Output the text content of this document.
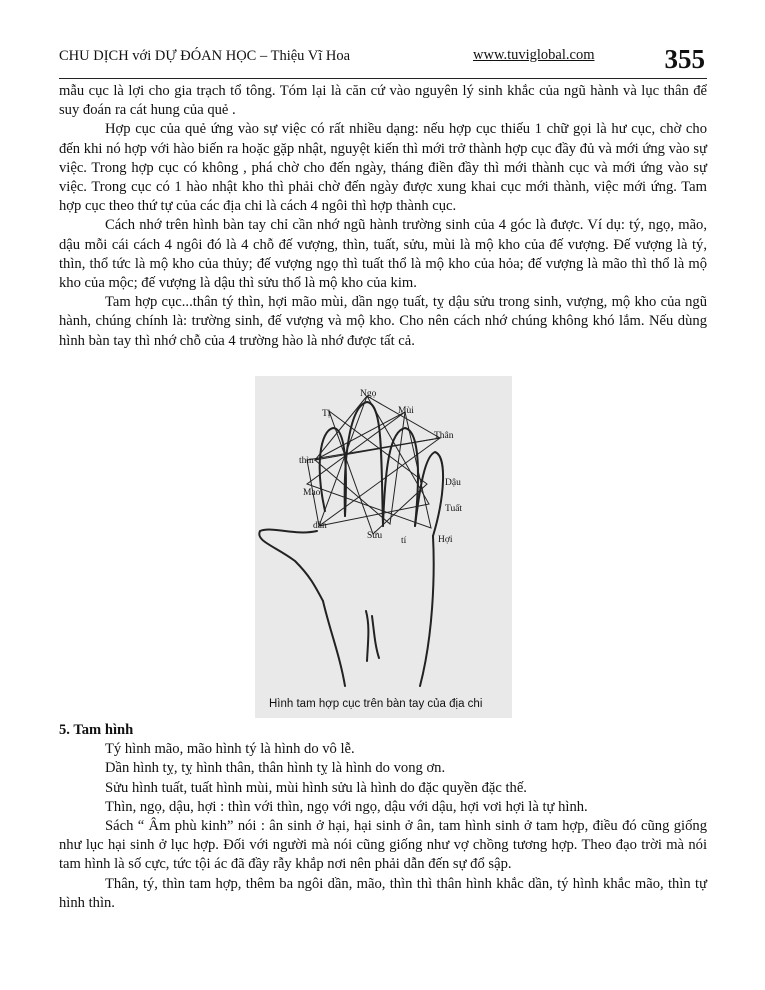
CHU DỊCH với DỰ ĐÓAN HỌC – Thiệu Vĩ Hoa	www.tuviglobal.com	355

mẫu cục là lợi cho gia trạch tổ tông. Tóm lại là căn cứ vào nguyên lý sinh khắc của ngũ hành và lục thân để suy đoán ra cát hung của quẻ .

Hợp cục của quẻ ứng vào sự việc có rất nhiều dạng: nếu hợp cục thiếu 1 chữ gọi là hư cục, chờ cho đến khi nó hợp với hào biến ra hoặc gặp nhật, nguyệt kiến thì mới trở thành hợp cục đầy đủ và mới ứng vào sự việc. Trong hợp cục có không , phá chờ cho đến ngày, tháng điền đầy thì mới thành cục và mới ứng vào sự việc. Trong cục có 1 hào nhật kho thì phải chờ đến ngày được xung khai cục mới thành, việc mới ứng. Tam hợp cục theo thứ tự của các địa chi là cách 4 ngôi thì hợp thành cục.

Cách nhớ trên hình bàn tay chỉ cần nhớ ngũ hành trường sinh của 4 góc là được. Ví dụ: tý, ngọ, mão, dậu mỗi cái cách 4 ngôi đó là 4 chỗ đế vượng, thìn, tuất, sửu, mùi là mộ kho của đế vượng. Đế vượng là tý, thìn, thổ tức là mộ kho của thủy; đế vượng ngọ thì tuất thổ là mộ kho của hỏa; đế vượng là mão thì thổ là mộ kho của mộc; đế vượng là dậu thì sửu thổ là mộ kho của kim.

Tam hợp cục...thân tý thìn, hợi mão mùi, dần ngọ tuất, tỵ dậu sửu trong sinh, vượng, mộ kho của ngũ hành, chúng chính là: trường sinh, đế vượng và mộ kho. Cho nên cách nhớ chúng không khó lắm. Nếu dùng hình bàn tay thì nhớ chỗ của 4 trường hào là nhớ được tất cả.

Ngọ
Tị	Mùi
Thân
thìn
Dậu
Mạo
Tuất
dần
Sửu tí	Hợi
Hình tam hợp cục trên bàn tay của địa chi
5. Tam hình

Tý hình mão, mão hình tý là hình do vô lễ.

Dần hình tỵ, tỵ hình thân, thân hình tỵ là hình do vong ơn.

Sửu hình tuất, tuất hình mùi, mùi hình sửu là hình do đặc quyền đặc thế.

Thìn, ngọ, dậu, hợi : thìn với thìn, ngọ với ngọ, dậu với dậu, hợi vơi hợi là tự hình.

Sách “ Âm phù kinh” nói : ân sinh ở hại, hại sinh ở ân, tam hình sinh ở tam hợp, điều đó cũng giống như lục hại sinh ở lục hợp. Đối với người mà nói cũng giống như vợ chồng tương hợp. Theo đạo trời mà nói tam hình là số cực, tức tội ác đã đầy rẫy khắp nơi nên phải dẫn đến sự đổ sập.

Thân, tý, thìn tam hợp, thêm ba ngôi dần, mão, thìn thì thân hình khắc dần, tý hình khắc mão, thìn tự hình thìn.
